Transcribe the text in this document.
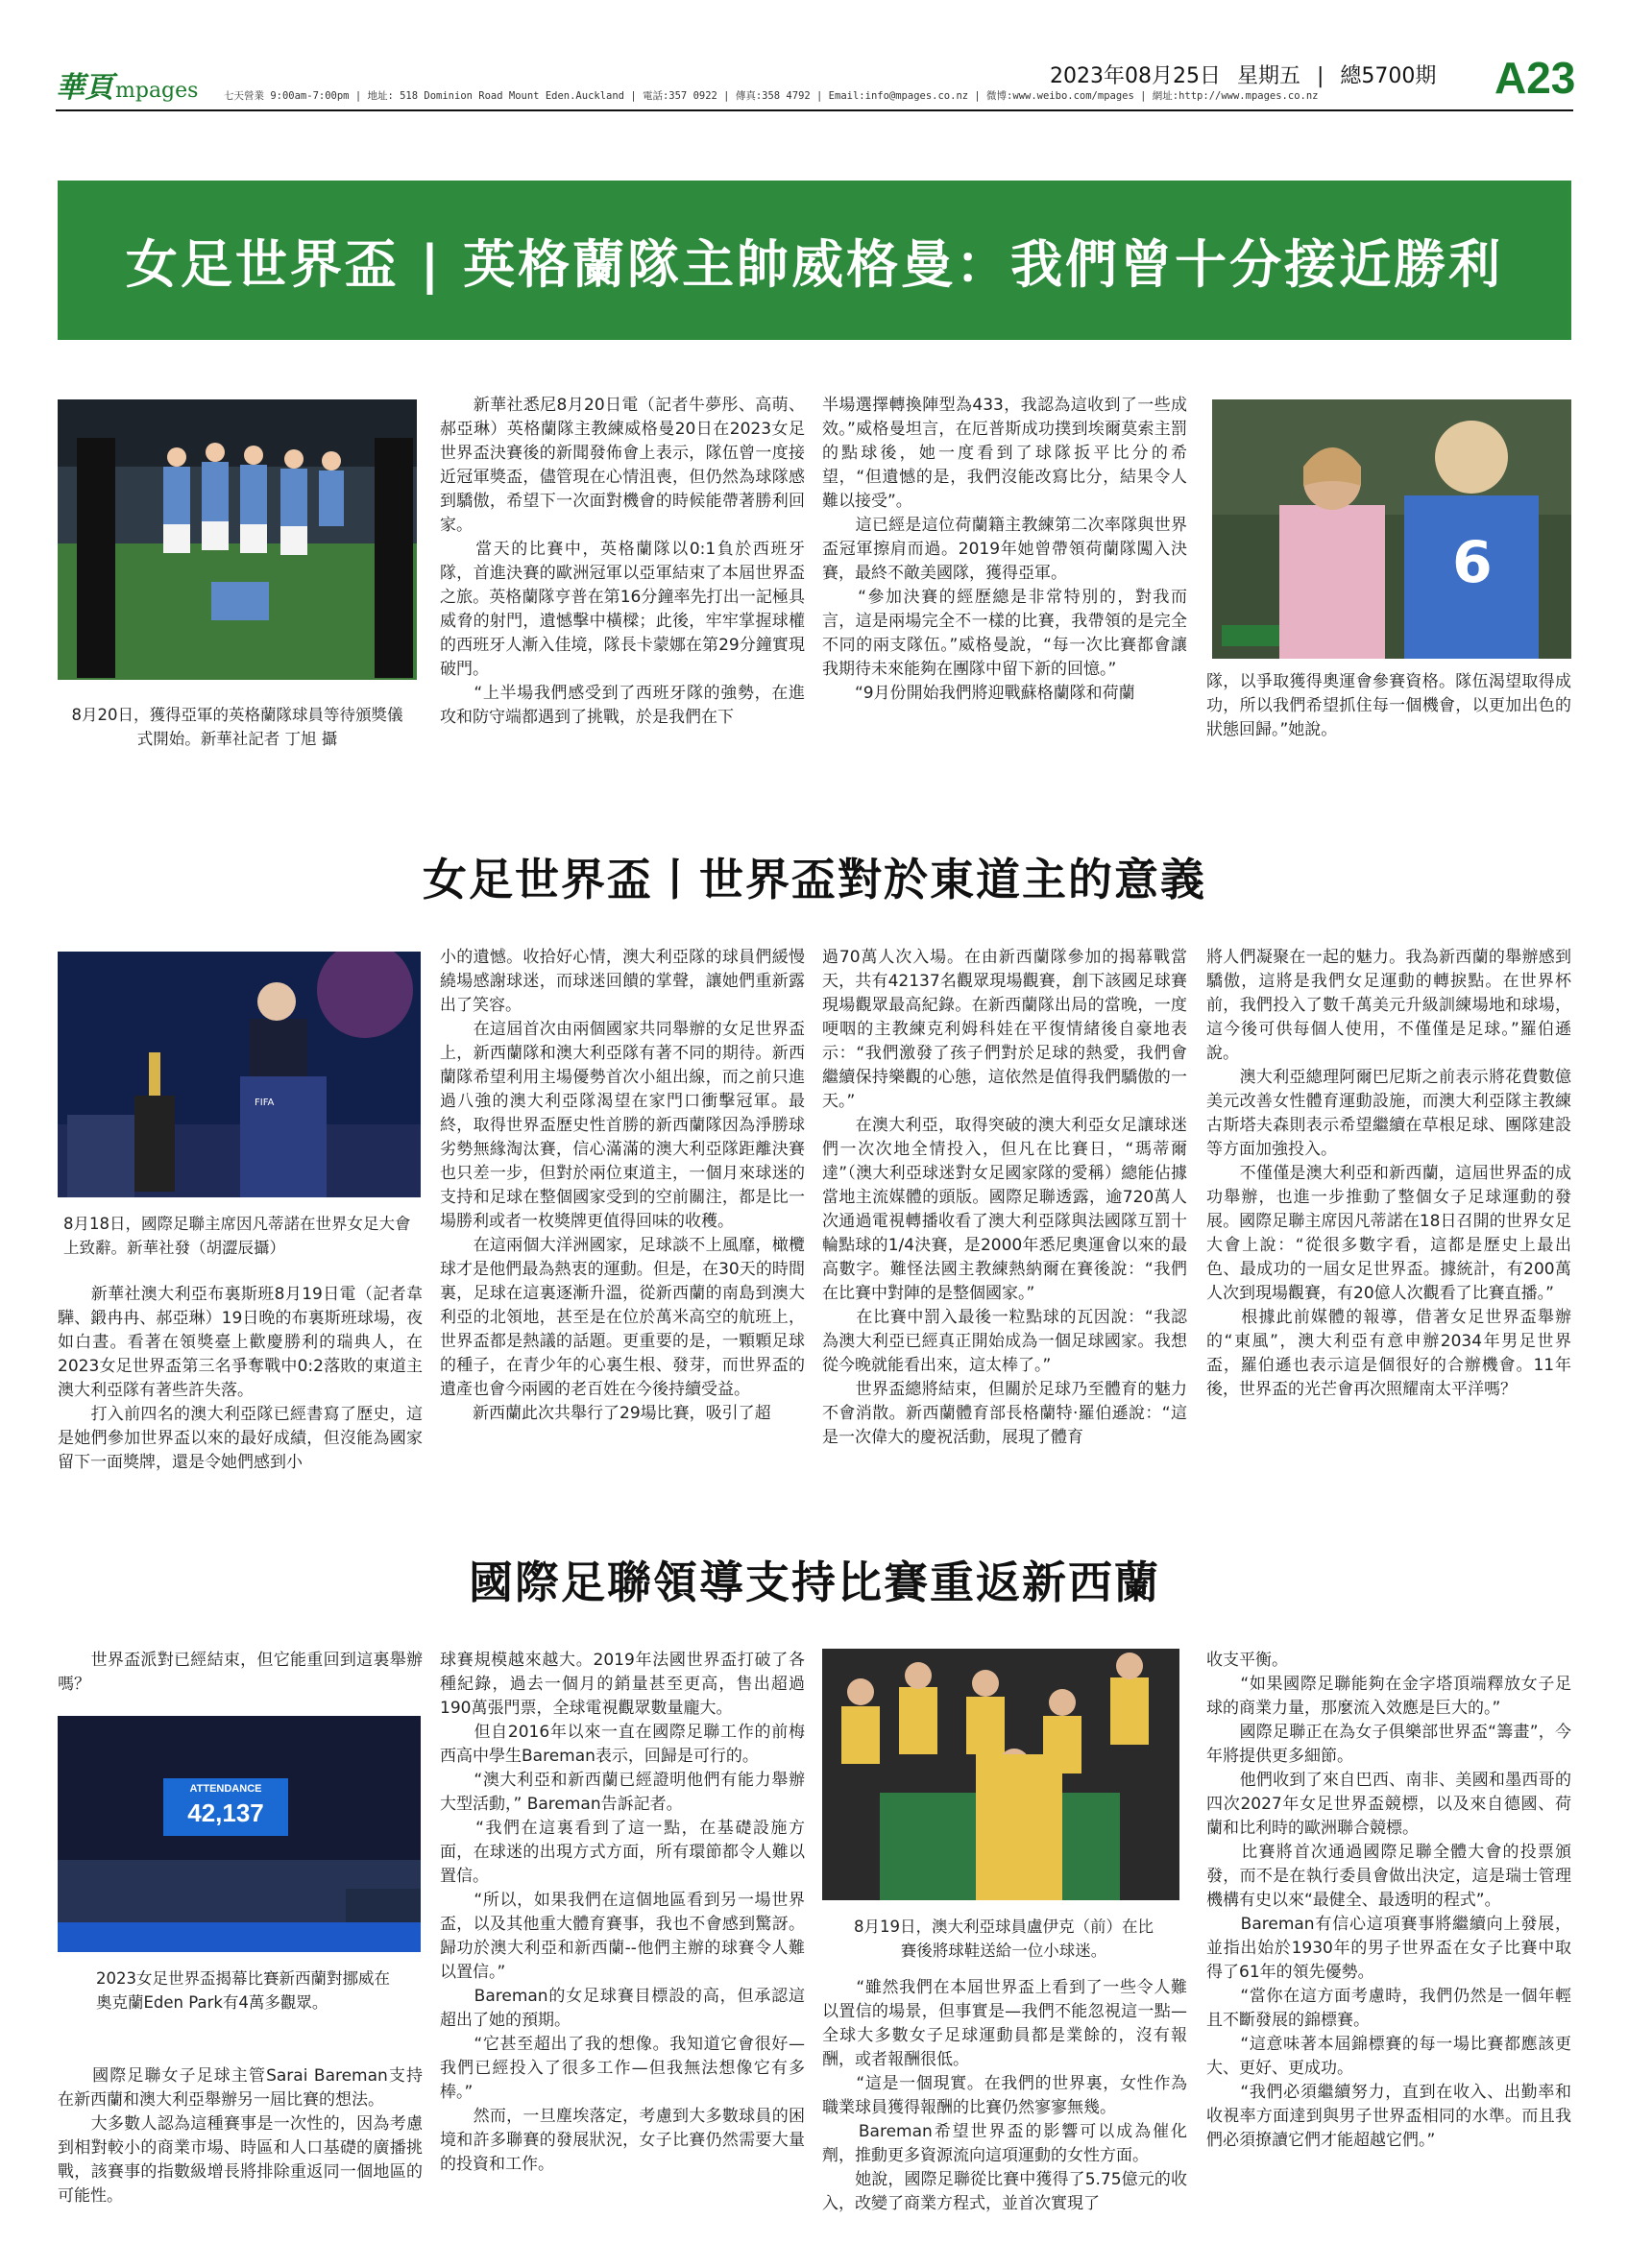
華頁 mpages	七天營業 9:00am-7:00pm | 地址: 518 Dominion Road Mount Eden.Auckland | 電話:357 0922 | 傳真:358 4792 | Email:info@mpages.co.nz | 微博:www.weibo.com/mpages | 網址:http://www.mpages.co.nz
2023年08月25日 星期五 | 總5700期 A23
女足世界盃 | 英格蘭隊主帥威格曼：我們曾十分接近勝利
8月20日，獲得亞軍的英格蘭隊球員等待頒獎儀式開始。新華社記者 丁旭 攝
　　新華社悉尼8月20日電（記者牛夢彤、高萌、郝亞琳）英格蘭隊主教練威格曼20日在2023女足世界盃決賽後的新聞發佈會上表示，隊伍曾一度接近冠軍獎盃，儘管現在心情沮喪，但仍然為球隊感到驕傲，希望下一次面對機會的時候能帶著勝利回家。
　　當天的比賽中，英格蘭隊以0:1負於西班牙隊，首進決賽的歐洲冠軍以亞軍結束了本屆世界盃之旅。英格蘭隊亨普在第16分鐘率先打出一記極具威脅的射門，遺憾擊中橫樑；此後，牢牢掌握球權的西班牙人漸入佳境，隊長卡蒙娜在第29分鐘實現破門。
　　“上半場我們感受到了西班牙隊的強勢，在進攻和防守端都遇到了挑戰，於是我們在下
半場選擇轉換陣型為433，我認為這收到了一些成效。”威格曼坦言，在厄普斯成功撲到埃爾莫索主罰的點球後，她一度看到了球隊扳平比分的希望，“但遺憾的是，我們沒能改寫比分，結果令人難以接受”。
　　這已經是這位荷蘭籍主教練第二次率隊與世界盃冠軍擦肩而過。2019年她曾帶領荷蘭隊闖入決賽，最終不敵美國隊，獲得亞軍。
　　“參加決賽的經歷總是非常特別的，對我而言，這是兩場完全不一樣的比賽，我帶領的是完全不同的兩支隊伍。”威格曼說，“每一次比賽都會讓我期待未來能夠在團隊中留下新的回憶。”
　　“9月份開始我們將迎戰蘇格蘭隊和荷蘭
6
隊，以爭取獲得奧運會參賽資格。隊伍渴望取得成功，所以我們希望抓住每一個機會，以更加出色的狀態回歸。”她說。
女足世界盃丨世界盃對於東道主的意義
FIFA
8月18日，國際足聯主席因凡蒂諾在世界女足大會上致辭。新華社發（胡澀辰攝）
　　新華社澳大利亞布裏斯班8月19日電（記者韋驊、鍛冉冉、郝亞琳）19日晚的布裏斯班球場，夜如白晝。看著在領獎臺上歡慶勝利的瑞典人，在2023女足世界盃第三名爭奪戰中0:2落敗的東道主澳大利亞隊有著些許失落。
　　打入前四名的澳大利亞隊已經書寫了歷史，這是她們參加世界盃以來的最好成績，但沒能為國家留下一面獎牌，還是令她們感到小
小的遺憾。收拾好心情，澳大利亞隊的球員們緩慢繞場感謝球迷，而球迷回饋的掌聲，讓她們重新露出了笑容。
　　在這屆首次由兩個國家共同舉辦的女足世界盃上，新西蘭隊和澳大利亞隊有著不同的期待。新西蘭隊希望利用主場優勢首次小組出線，而之前只進過八強的澳大利亞隊渴望在家門口衝擊冠軍。最終，取得世界盃歷史性首勝的新西蘭隊因為淨勝球劣勢無緣淘汰賽，信心滿滿的澳大利亞隊距離決賽也只差一步，但對於兩位東道主，一個月來球迷的支持和足球在整個國家受到的空前關注，都是比一場勝利或者一枚獎牌更值得回味的收穫。
　　在這兩個大洋洲國家，足球談不上風靡，橄欖球才是他們最為熱衷的運動。但是，在30天的時間裏，足球在這裏逐漸升溫，從新西蘭的南島到澳大利亞的北領地，甚至是在位於萬米高空的航班上，世界盃都是熱議的話題。更重要的是，一顆顆足球的種子，在青少年的心裏生根、發芽，而世界盃的遺產也會今兩國的老百姓在今後持續受益。
　　新西蘭此次共舉行了29場比賽，吸引了超
過70萬人次入場。在由新西蘭隊參加的揭幕戰當天，共有42137名觀眾現場觀賽，創下該國足球賽現場觀眾最高紀錄。在新西蘭隊出局的當晚，一度哽咽的主教練克利姆科娃在平復情緒後自豪地表示：“我們激發了孩子們對於足球的熱愛，我們會繼續保持樂觀的心態，這依然是值得我們驕傲的一天。”
　　在澳大利亞，取得突破的澳大利亞女足讓球迷們一次次地全情投入，但凡在比賽日，“瑪蒂爾達”（澳大利亞球迷對女足國家隊的愛稱）總能佔據當地主流媒體的頭版。國際足聯透露，逾720萬人次通過電視轉播收看了澳大利亞隊與法國隊互罰十輪點球的1/4決賽，是2000年悉尼奧運會以來的最高數字。難怪法國主教練熱納爾在賽後說：“我們在比賽中對陣的是整個國家。”
　　在比賽中罰入最後一粒點球的瓦因說：“我認為澳大利亞已經真正開始成為一個足球國家。我想從今晚就能看出來，這太棒了。”
　　世界盃總將結束，但關於足球乃至體育的魅力不會消散。新西蘭體育部長格蘭特·羅伯遜說：“這是一次偉大的慶祝活動，展現了體育
將人們凝聚在一起的魅力。我為新西蘭的舉辦感到驕傲，這將是我們女足運動的轉捩點。在世界杯前，我們投入了數千萬美元升級訓練場地和球場，這今後可供每個人使用，不僅僅是足球。”羅伯遜說。
　　澳大利亞總理阿爾巴尼斯之前表示將花費數億美元改善女性體育運動設施，而澳大利亞隊主教練古斯塔夫森則表示希望繼續在草根足球、團隊建設等方面加強投入。
　　不僅僅是澳大利亞和新西蘭，這屆世界盃的成功舉辦，也進一步推動了整個女子足球運動的發展。國際足聯主席因凡蒂諾在18日召開的世界女足大會上說：“從很多數字看，這都是歷史上最出色、最成功的一屆女足世界盃。據統計，有200萬人次到現場觀賽，有20億人次觀看了比賽直播。”
　　根據此前媒體的報導，借著女足世界盃舉辦的“東風”，澳大利亞有意申辦2034年男足世界盃，羅伯遜也表示這是個很好的合辦機會。11年後，世界盃的光芒會再次照耀南太平洋嗎？
國際足聯領導支持比賽重返新西蘭
　　世界盃派對已經結束，但它能重回到這裏舉辦嗎？
ATTENDANCE
42,137
2023女足世界盃揭幕比賽新西蘭對挪威在奧克蘭Eden Park有4萬多觀眾。
　　國際足聯女子足球主管Sarai Bareman支持在新西蘭和澳大利亞舉辦另一屆比賽的想法。
　　大多數人認為這種賽事是一次性的，因為考慮到相對較小的商業市場、時區和人口基礎的廣播挑戰，該賽事的指數級增長將排除重返同一個地區的可能性。
球賽規模越來越大。2019年法國世界盃打破了各種紀錄，過去一個月的銷量甚至更高，售出超過190萬張門票，全球電視觀眾數量龐大。
　　但自2016年以來一直在國際足聯工作的前梅西高中學生Bareman表示，回歸是可行的。
　　“澳大利亞和新西蘭已經證明他們有能力舉辦大型活動，” Bareman告訴記者。
　　“我們在這裏看到了這一點，在基礎設施方面，在球迷的出現方式方面，所有環節都令人難以置信。
　　“所以，如果我們在這個地區看到另一場世界盃，以及其他重大體育賽事，我也不會感到驚訝。歸功於澳大利亞和新西蘭--他們主辦的球賽令人難以置信。”
　　Bareman的女足球賽目標設的高，但承認這超出了她的預期。
　　“它甚至超出了我的想像。我知道它會很好—我們已經投入了很多工作—但我無法想像它有多棒。”
　　然而，一旦塵埃落定，考慮到大多數球員的困境和許多聯賽的發展狀況，女子比賽仍然需要大量的投資和工作。
8月19日，澳大利亞球員盧伊克（前）在比賽後將球鞋送給一位小球迷。
　　“雖然我們在本屆世界盃上看到了一些令人難以置信的場景，但事實是—我們不能忽視這一點—全球大多數女子足球運動員都是業餘的，沒有報酬，或者報酬很低。
　　“這是一個現實。在我們的世界裏，女性作為職業球員獲得報酬的比賽仍然寥寥無幾。
　　Bareman希望世界盃的影響可以成為催化劑，推動更多資源流向這項運動的女性方面。
　　她說，國際足聯從比賽中獲得了5.75億元的收入，改變了商業方程式，並首次實現了
收支平衡。
　　“如果國際足聯能夠在金字塔頂端釋放女子足球的商業力量，那麼流入效應是巨大的。”
　　國際足聯正在為女子俱樂部世界盃“籌畫”，今年將提供更多細節。
　　他們收到了來自巴西、南非、美國和墨西哥的四次2027年女足世界盃競標，以及來自德國、荷蘭和比利時的歐洲聯合競標。
　　比賽將首次通過國際足聯全體大會的投票頒發，而不是在執行委員會做出決定，這是瑞士管理機構有史以來“最健全、最透明的程式”。
　　Bareman有信心這項賽事將繼續向上發展，並指出始於1930年的男子世界盃在女子比賽中取得了61年的領先優勢。
　　“當你在這方面考慮時，我們仍然是一個年輕且不斷發展的錦標賽。
　　“這意味著本屆錦標賽的每一場比賽都應該更大、更好、更成功。
　　“我們必須繼續努力，直到在收入、出勤率和收視率方面達到與男子世界盃相同的水準。而且我們必須撩讀它們才能超越它們。”
